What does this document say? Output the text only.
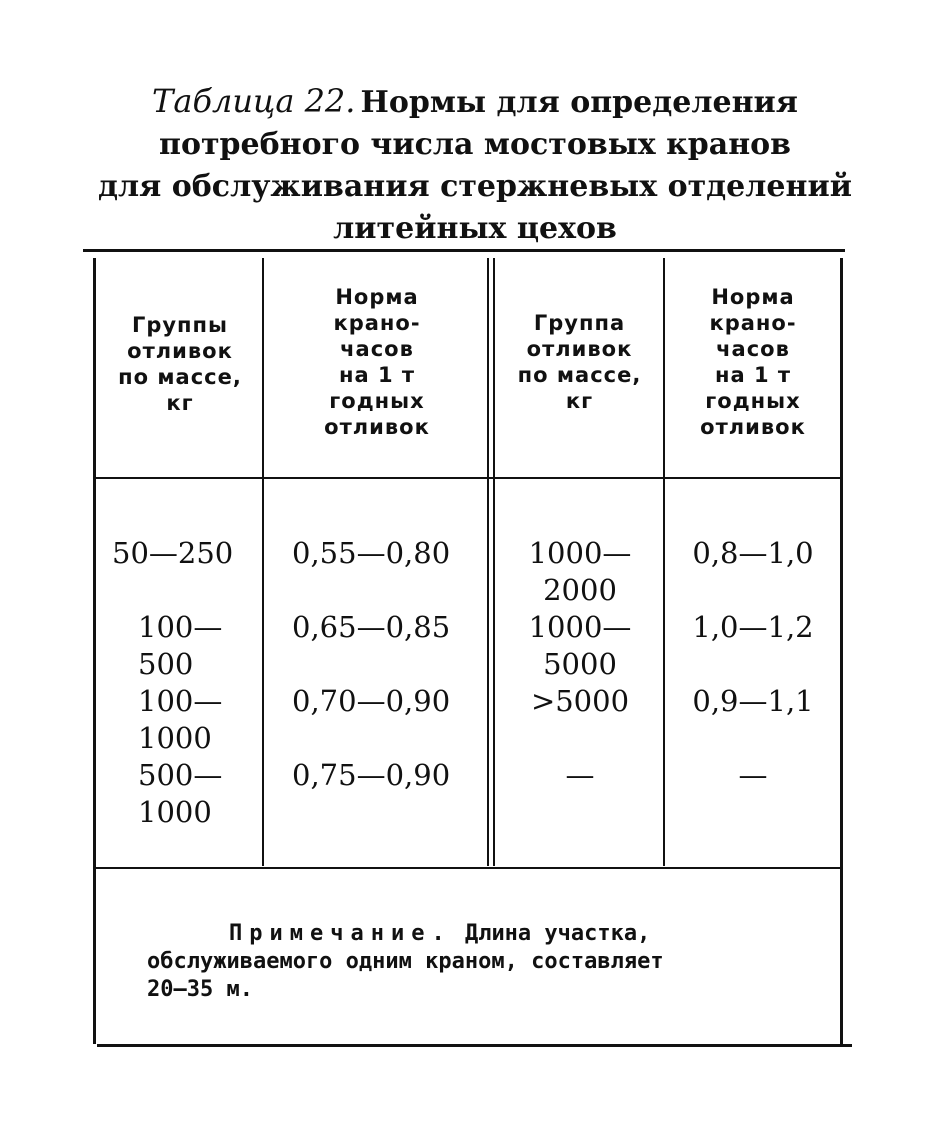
Таблица 22. Нормы для определения
потребного числа мостовых кранов
для обслуживания стержневых отделений
литейных цехов
Группы
отливок
по массе,
кг
Норма
крано-
часов
на 1 т
годных
отливок
Группа
отливок
по массе,
кг
Норма
крано-
часов
на 1 т
годных
отливок
50—250
100—
500
100—
1000
500—
1000
0,55—0,80
0,65—0,85
0,70—0,90
0,75—0,90
1000—
2000
1000—
5000
>5000
—
0,8—1,0
1,0—1,2
0,9—1,1
—
Примечание. Длина участка,
обслуживаемого одним краном, составляет
20—35 м.
